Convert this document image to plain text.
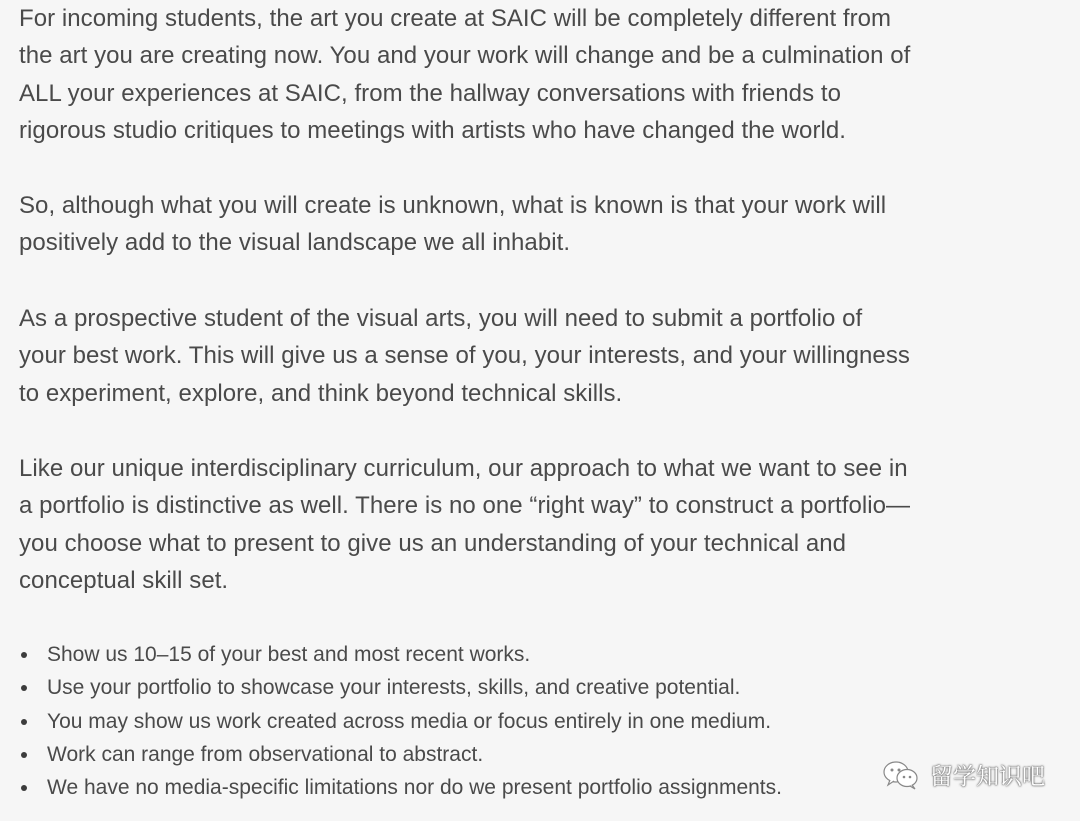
For incoming students, the art you create at SAIC will be completely different from
the art you are creating now. You and your work will change and be a culmination of
ALL your experiences at SAIC, from the hallway conversations with friends to
rigorous studio critiques to meetings with artists who have changed the world.

So, although what you will create is unknown, what is known is that your work will
positively add to the visual landscape we all inhabit.

As a prospective student of the visual arts, you will need to submit a portfolio of
your best work. This will give us a sense of you, your interests, and your willingness
to experiment, explore, and think beyond technical skills.

Like our unique interdisciplinary curriculum, our approach to what we want to see in
a portfolio is distinctive as well. There is no one “right way” to construct a portfolio—
you choose what to present to give us an understanding of your technical and
conceptual skill set.

Show us 10–15 of your best and most recent works.
Use your portfolio to showcase your interests, skills, and creative potential.
You may show us work created across media or focus entirely in one medium.
Work can range from observational to abstract.
We have no media-specific limitations nor do we present portfolio assignments.	留学知识吧
